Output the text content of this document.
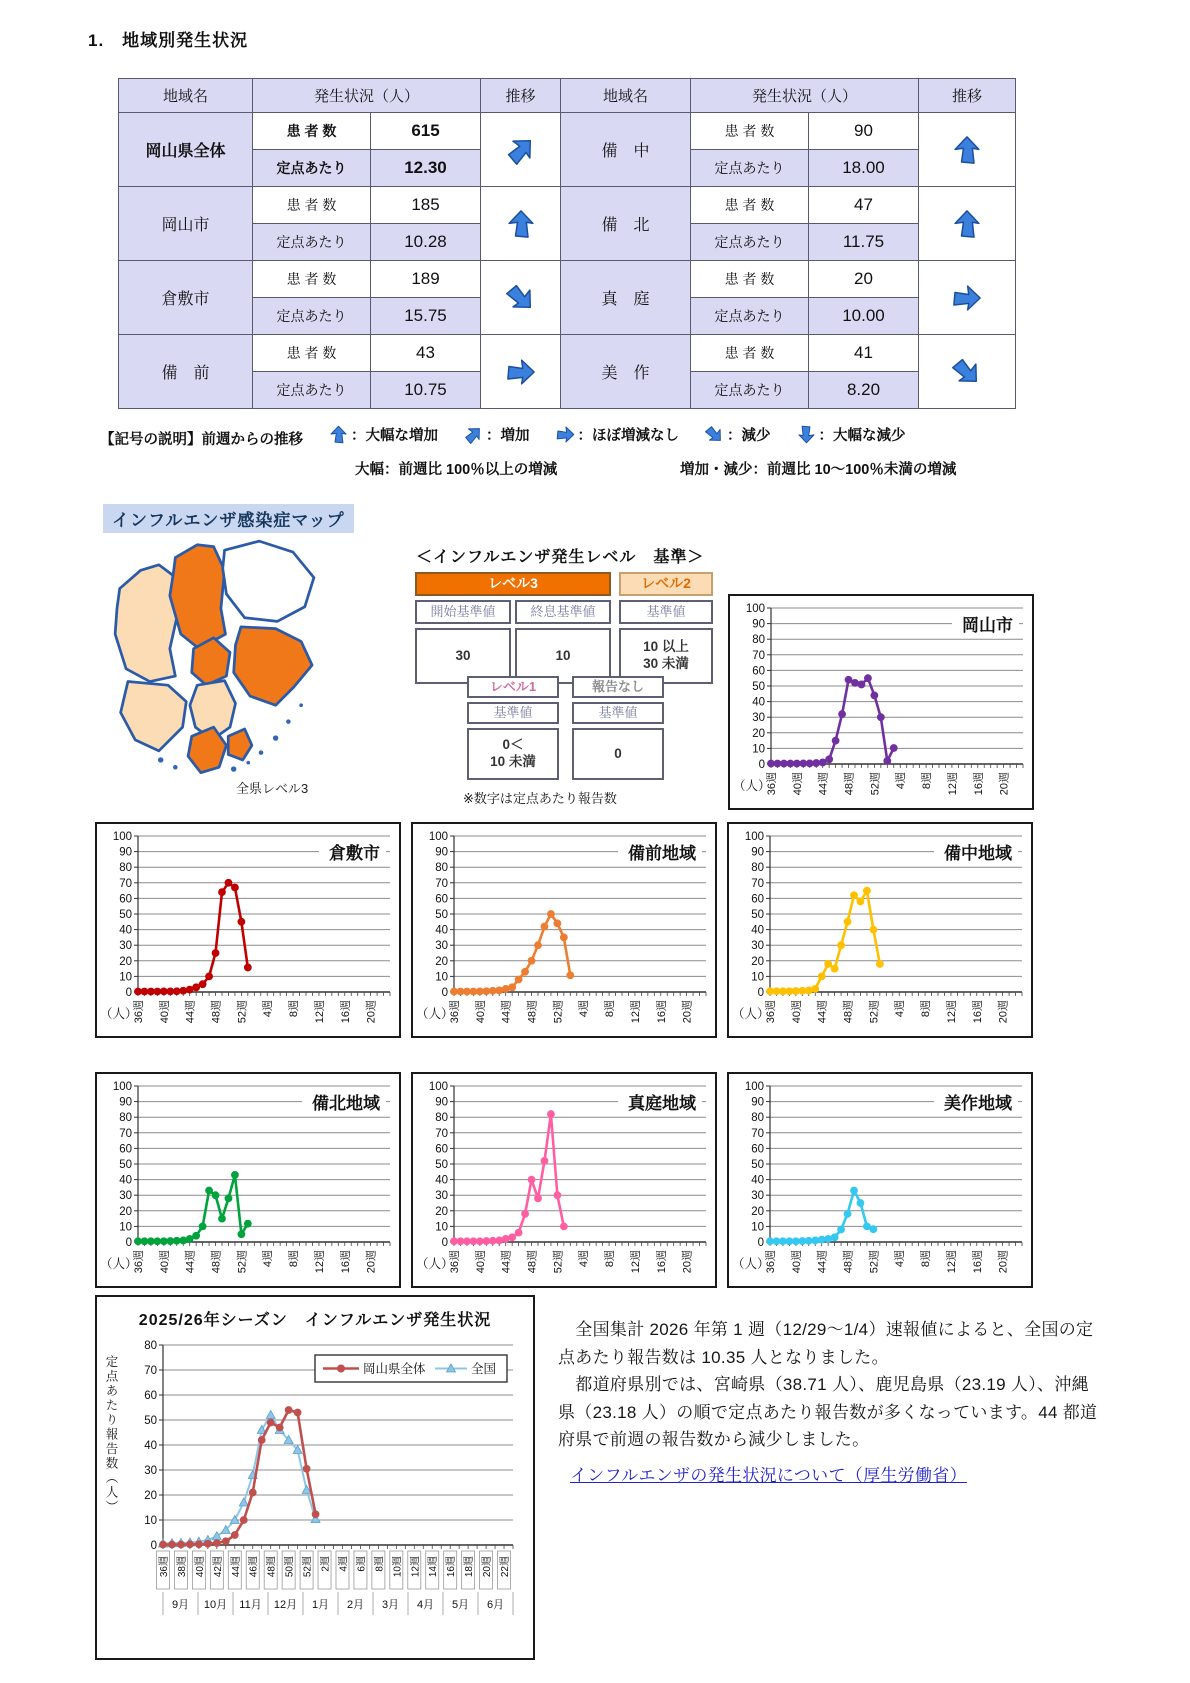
1.　地域別発生状況
地域名	発生状況（人）		推移	地域名	発生状況（人）		推移
岡山県全体	患 者 数	615		備　中	患 者 数	90	

	定点あたり	12.30			定点あたり	18.00	
岡山市	患 者 数	185		備　北	患 者 数	47	

	定点あたり	10.28			定点あたり	11.75	
倉敷市	患 者 数	189		真　庭	患 者 数	20	

	定点あたり	15.75			定点あたり	10.00	
備　前	患 者 数	43		美　作	患 者 数	41	

	定点あたり	10.75			定点あたり	8.20	
【記号の説明】前週からの推移	：大幅な増加	：増加	：ほぼ増減なし	：減少	：大幅な減少
大幅：前週比 100％以上の増減	増加・減少：前週比 10～100％未満の増減
インフルエンザ感染症マップ
全県レベル3
＜インフルエンザ発生レベル　基準＞
レベル3
開始基準値	終息基準値
30	10
レベル2
基準値
10 以上
30 未満
レベル1
基準値
0＜
10 未満
報告なし
基準値
0
※数字は定点あたり報告数
0
10
20
30
40
50
60
70
80
90
100
36週 40週 44週 48週 52週 4週 8週 12週 16週 20週
（人）
岡山市
0
10
20
30
40
50
60
70
80
90
100
36週 40週 44週 48週 52週 4週 8週 12週 16週 20週
（人）
倉敷市
0
10
20
30
40
50
60
70
80
90
100
36週 40週 44週 48週 52週 4週 8週 12週 16週 20週
（人）
備前地域
0
10
20
30
40
50
60
70
80
90
100
36週 40週 44週 48週 52週 4週 8週 12週 16週 20週
（人）
備中地域
0
10
20
30
40
50
60
70
80
90
100
36週 40週 44週 48週 52週 4週 8週 12週 16週 20週
（人）
備北地域
0
10
20
30
40
50
60
70
80
90
100
36週 40週 44週 48週 52週 4週 8週 12週 16週 20週
（人）
真庭地域
0
10
20
30
40
50
60
70
80
90
100
36週 40週 44週 48週 52週 4週 8週 12週 16週 20週
（人）
美作地域
2025/26年シーズン　インフルエンザ発生状況
定点あたり報告数（人）
0
10
20
30
40
50
60
70
80
36週 38週 40週 42週 44週 46週 48週 50週 52週 2週 4週 6週 8週 10週 12週 14週 16週 18週 20週 22週
9月 10月 11月 12月 1月 2月 3月 4月 5月 6月
岡山県全体	全国

　全国集計 2026 年第 1 週（12/29～1/4）速報値によると、全国の定点あたり報告数は 10.35 人となりました。

　都道府県別では、宮崎県（38.71 人）、鹿児島県（23.19 人）、沖縄県（23.18 人）の順で定点あたり報告数が多くなっています。44 都道府県で前週の報告数から減少しました。

インフルエンザの発生状況について（厚生労働省）
